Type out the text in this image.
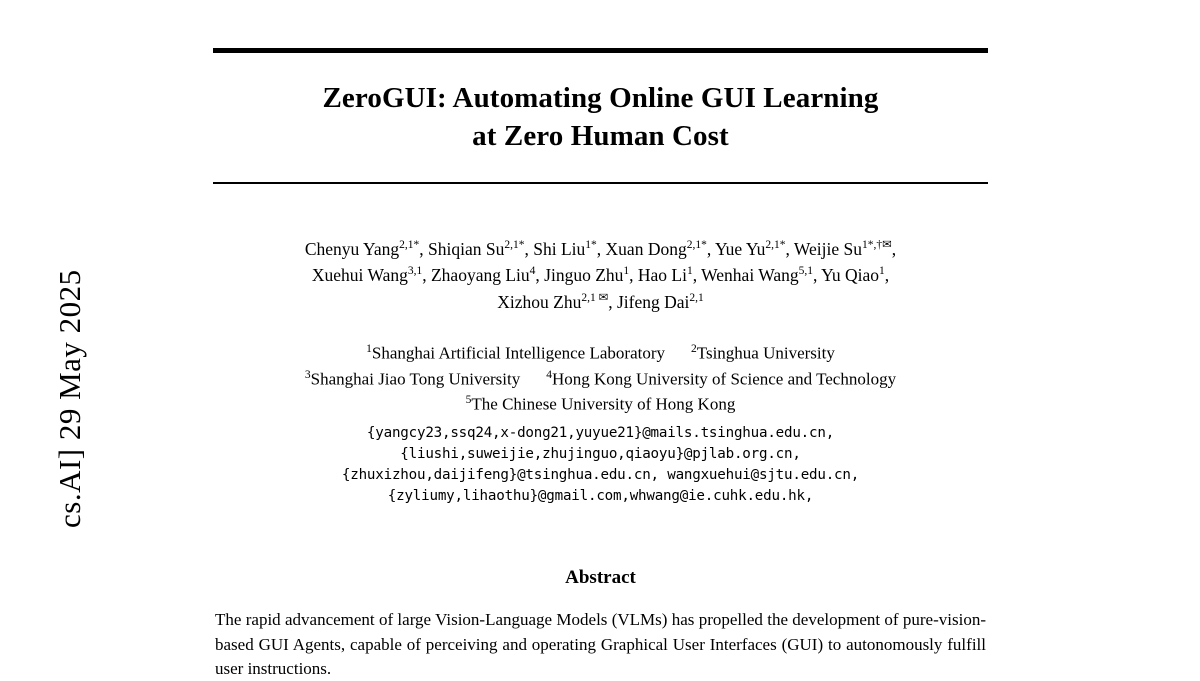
cs.AI] 29 May 2025
ZeroGUI: Automating Online GUI Learning
at Zero Human Cost
Chenyu Yang$^{2,1*}$, Shiqian $Su^{2,1*}$, Shi Liu$^{1*}$, Xuan Dong$^{2,1*}$, Yue $Yu^{2,1*}$, Weijie $Su^{1*,\dagger✉}$,
Xuehui Wang$^{3,1}$, Zhaoyang Liu$^4$, Jinguo Zhu$^1$, Hao Li$^1$, Wenhai Wang$^{5,1}$, Yu Qiao$^1$,
Xizhou Zhu$^{2,1 ✉}$, Jifeng Dai$^{2,1}$
$^1$Shanghai Artificial Intelligence Laboratory $^2$Tsinghua University
$^3$Shanghai Jiao Tong University $^4$Hong Kong University of Science and Technology
$^5$The Chinese University of Hong Kong
{yangcy23,ssq24,x-dong21,yuyue21}@mails.tsinghua.edu.cn,
{liushi,suweijie,zhujinguo,qiaoyu}@pjlab.org.cn,
{zhuxizhou,daijifeng}@tsinghua.edu.cn, wangxuehui@sjtu.edu.cn,
{zyliumy,lihaothu}@gmail.com,whwang@ie.cuhk.edu.hk,
Abstract

The rapid advancement of large Vision-Language Models (VLMs) has propelled the development of pure-vision-based GUI Agents, capable of perceiving and operating Graphical User Interfaces (GUI) to autonomously fulfill user instructions.
